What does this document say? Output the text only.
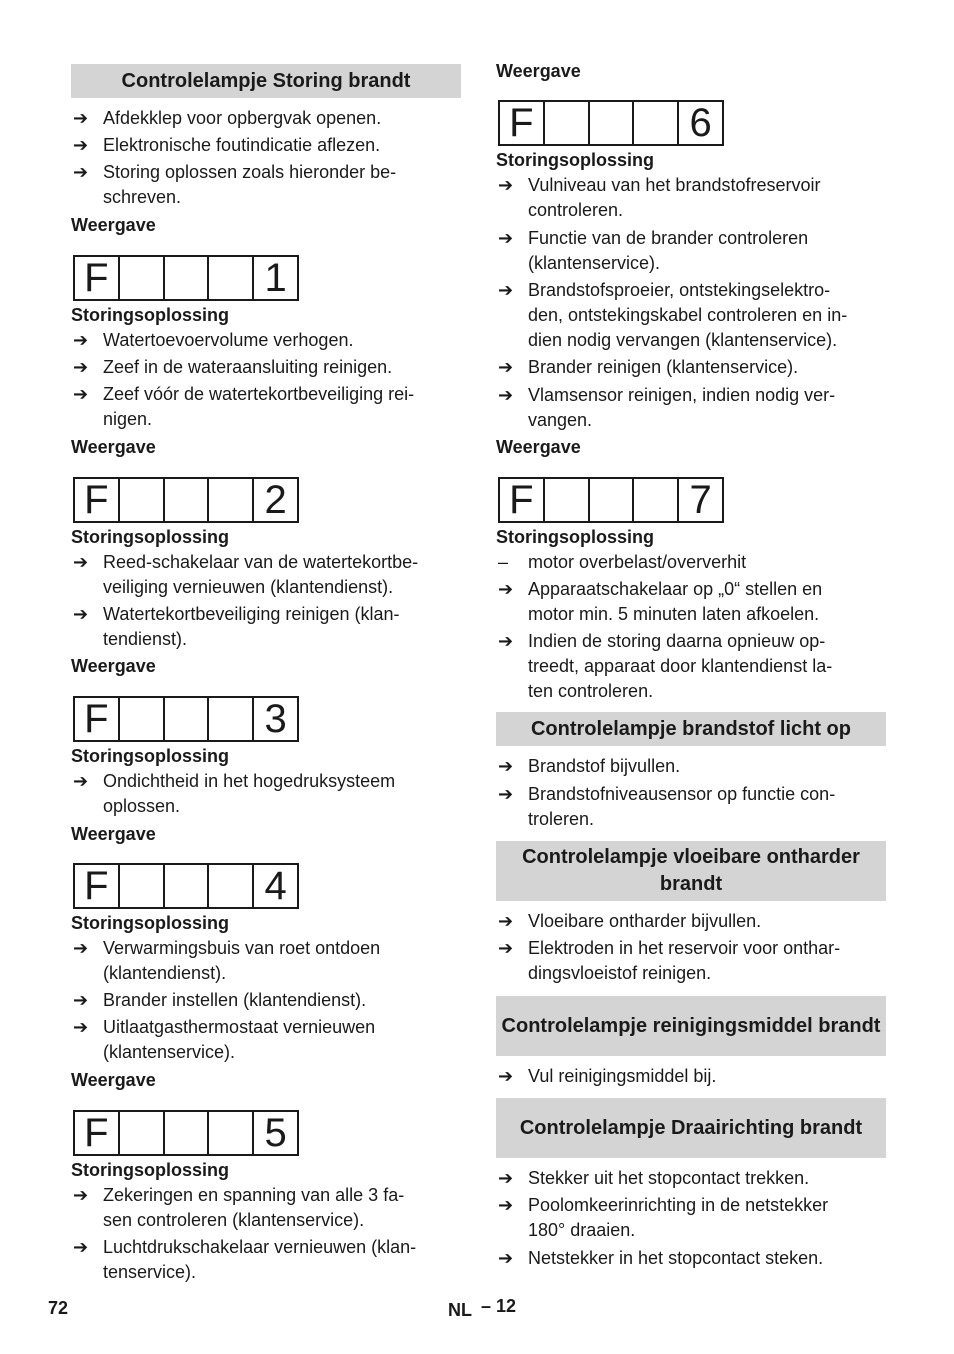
Controlelampje Storing brandt
➔ Afdekklep voor opbergvak openen.
➔ Elektronische foutindicatie aflezen.
➔ Storing oplossen zoals hieronder be-
schreven.
Weergave
F	1
Storingsoplossing
➔ Watertoevoervolume verhogen.
➔ Zeef in de wateraansluiting reinigen.
➔ Zeef vóór de watertekortbeveiliging rei-
nigen.
Weergave
F	2
Storingsoplossing
➔ Reed-schakelaar van de watertekortbe-
veiliging vernieuwen (klantendienst).
➔ Watertekortbeveiliging reinigen (klan-
tendienst).
Weergave
F	3
Storingsoplossing
➔ Ondichtheid in het hogedruksysteem
oplossen.
Weergave
F	4
Storingsoplossing
➔ Verwarmingsbuis van roet ontdoen
(klantendienst).
➔ Brander instellen (klantendienst).
➔ Uitlaatgasthermostaat vernieuwen
(klantenservice).
Weergave
F	5
Storingsoplossing
➔ Zekeringen en spanning van alle 3 fa-
sen controleren (klantenservice).
➔ Luchtdrukschakelaar vernieuwen (klan-
tenservice).
Weergave
F	6
Storingsoplossing
➔ Vulniveau van het brandstofreservoir
controleren.
➔ Functie van de brander controleren
(klantenservice).
➔ Brandstofsproeier, ontstekingselektro-
den, ontstekingskabel controleren en in-
dien nodig vervangen (klantenservice).
➔ Brander reinigen (klantenservice).
➔ Vlamsensor reinigen, indien nodig ver-
vangen.
Weergave
F	7
Storingsoplossing
–	motor overbelast/oververhit
➔ Apparaatschakelaar op „0“ stellen en
motor min. 5 minuten laten afkoelen.
➔ Indien de storing daarna opnieuw op-
treedt, apparaat door klantendienst la-
ten controleren.
Controlelampje brandstof licht op
➔ Brandstof bijvullen.
➔ Brandstofniveausensor op functie con-
troleren.
Controlelampje vloeibare ontharder brandt
➔ Vloeibare ontharder bijvullen.
➔ Elektroden in het reservoir voor onthar-
dingsvloeistof reinigen.
Controlelampje reinigingsmiddel brandt
➔ Vul reinigingsmiddel bij.
Controlelampje Draairichting brandt
➔ Stekker uit het stopcontact trekken.
➔ Poolomkeerinrichting in de netstekker
180° draaien.
➔ Netstekker in het stopcontact steken.
72	NL – 12
